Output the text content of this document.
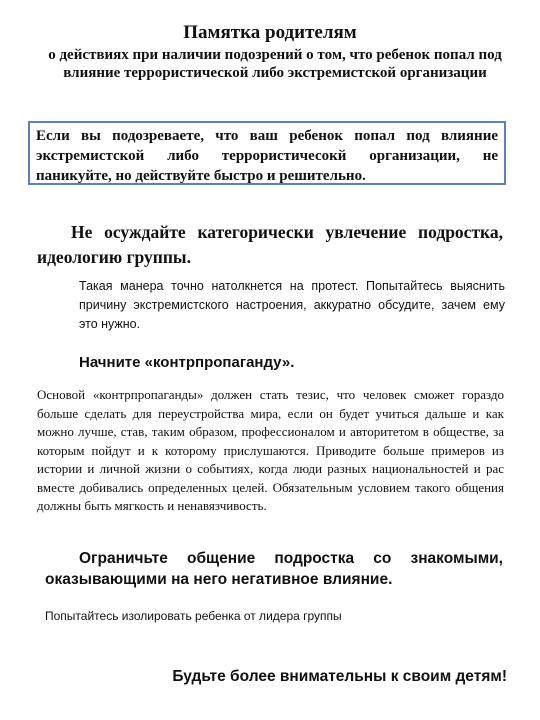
Памятка родителям
о действиях при наличии подозрений о том, что ребенок попал под влияние террористической либо экстремистской организации
Если вы подозреваете, что ваш ребенок попал под влияние экстремистской либо террористичесокй организации, не паникуйте, но действуйте быстро и решительно.
Не осуждайте категорически увлечение подростка, идеологию группы.
Такая манера точно натолкнется на протест. Попытайтесь выяснить причину экстремистского настроения, аккуратно обсудите, зачем ему это нужно.
Начните «контрпропаганду».
Основой «контрпропаганды» должен стать тезис, что человек сможет гораздо больше сделать для переустройства мира, если он будет учиться дальше и как можно лучше, став, таким образом, профессионалом и авторитетом в обществе, за которым пойдут и к которому прислушаются. Приводите больше примеров из истории и личной жизни о событиях, когда люди разных национальностей и рас вместе добивались определенных целей. Обязательным условием такого общения должны быть мягкость и ненавязчивость.
Ограничьте общение подростка со знакомыми, оказывающими на него негативное влияние.
Попытайтесь изолировать ребенка от лидера группы
Будьте более внимательны к своим детям!
